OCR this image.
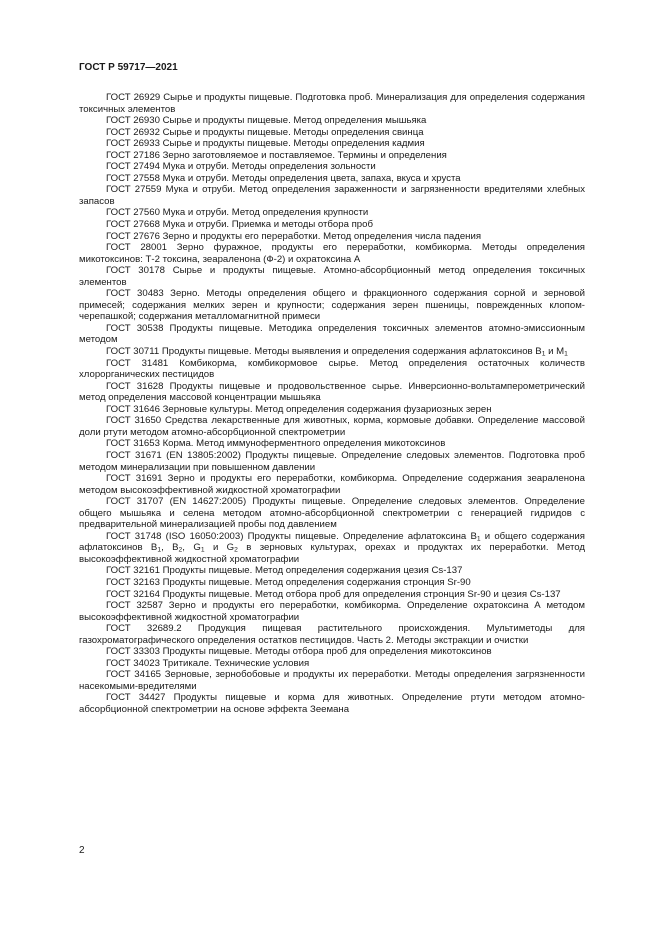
ГОСТ Р 59717—2021

ГОСТ 26929 Сырье и продукты пищевые. Подготовка проб. Минерализация для определения содержания токсичных элементов

ГОСТ 26930 Сырье и продукты пищевые. Метод определения мышьяка

ГОСТ 26932 Сырье и продукты пищевые. Методы определения свинца

ГОСТ 26933 Сырье и продукты пищевые. Методы определения кадмия

ГОСТ 27186 Зерно заготовляемое и поставляемое. Термины и определения

ГОСТ 27494 Мука и отруби. Методы определения зольности

ГОСТ 27558 Мука и отруби. Методы определения цвета, запаха, вкуса и хруста

ГОСТ 27559 Мука и отруби. Метод определения зараженности и загрязненности вредителями хлебных запасов

ГОСТ 27560 Мука и отруби. Метод определения крупности

ГОСТ 27668 Мука и отруби. Приемка и методы отбора проб

ГОСТ 27676 Зерно и продукты его переработки. Метод определения числа падения

ГОСТ 28001 Зерно фуражное, продукты его переработки, комбикорма. Методы определения микотоксинов: Т-2 токсина, зеараленона (Ф-2) и охратоксина А

ГОСТ 30178 Сырье и продукты пищевые. Атомно-абсорбционный метод определения токсичных элементов

ГОСТ 30483 Зерно. Методы определения общего и фракционного содержания сорной и зерновой примесей; содержания мелких зерен и крупности; содержания зерен пшеницы, поврежденных клопом-черепашкой; содержания металломагнитной примеси

ГОСТ 30538 Продукты пищевые. Методика определения токсичных элементов атомно-эмиссионным методом

ГОСТ 30711 Продукты пищевые. Методы выявления и определения содержания афлатоксинов $B_1$ и $M_1$

ГОСТ 31481 Комбикорма, комбикормовое сырье. Метод определения остаточных количеств хлорорганических пестицидов

ГОСТ 31628 Продукты пищевые и продовольственное сырье. Инверсионно-вольтамперометрический метод определения массовой концентрации мышьяка

ГОСТ 31646 Зерновые культуры. Метод определения содержания фузариозных зерен

ГОСТ 31650 Средства лекарственные для животных, корма, кормовые добавки. Определение массовой доли ртути методом атомно-абсорбционной спектрометрии

ГОСТ 31653 Корма. Метод иммуноферментного определения микотоксинов

ГОСТ 31671 (EN 13805:2002) Продукты пищевые. Определение следовых элементов. Подготовка проб методом минерализации при повышенном давлении

ГОСТ 31691 Зерно и продукты его переработки, комбикорма. Определение содержания зеараленона методом высокоэффективной жидкостной хроматографии

ГОСТ 31707 (EN 14627:2005) Продукты пищевые. Определение следовых элементов. Определение общего мышьяка и селена методом атомно-абсорбционной спектрометрии с генерацией гидридов с предварительной минерализацией пробы под давлением

ГОСТ 31748 (ISO 16050:2003) Продукты пищевые. Определение афлатоксина $B_1$ и общего содержания афлатоксинов $B_1$, $B_2$, $G_1$ и $G_2$ в зерновых культурах, орехах и продуктах их переработки. Метод высокоэффективной жидкостной хроматографии

ГОСТ 32161 Продукты пищевые. Метод определения содержания цезия Cs-137

ГОСТ 32163 Продукты пищевые. Метод определения содержания стронция Sr-90

ГОСТ 32164 Продукты пищевые. Метод отбора проб для определения стронция Sr-90 и цезия Cs-137

ГОСТ 32587 Зерно и продукты его переработки, комбикорма. Определение охратоксина А методом высокоэффективной жидкостной хроматографии

ГОСТ 32689.2 Продукция пищевая растительного происхождения. Мультиметоды для газохроматографического определения остатков пестицидов. Часть 2. Методы экстракции и очистки

ГОСТ 33303 Продукты пищевые. Методы отбора проб для определения микотоксинов

ГОСТ 34023 Тритикале. Технические условия

ГОСТ 34165 Зерновые, зернобобовые и продукты их переработки. Методы определения загрязненности насекомыми-вредителями

ГОСТ 34427 Продукты пищевые и корма для животных. Определение ртути методом атомно-абсорбционной спектрометрии на основе эффекта Зеемана

2
